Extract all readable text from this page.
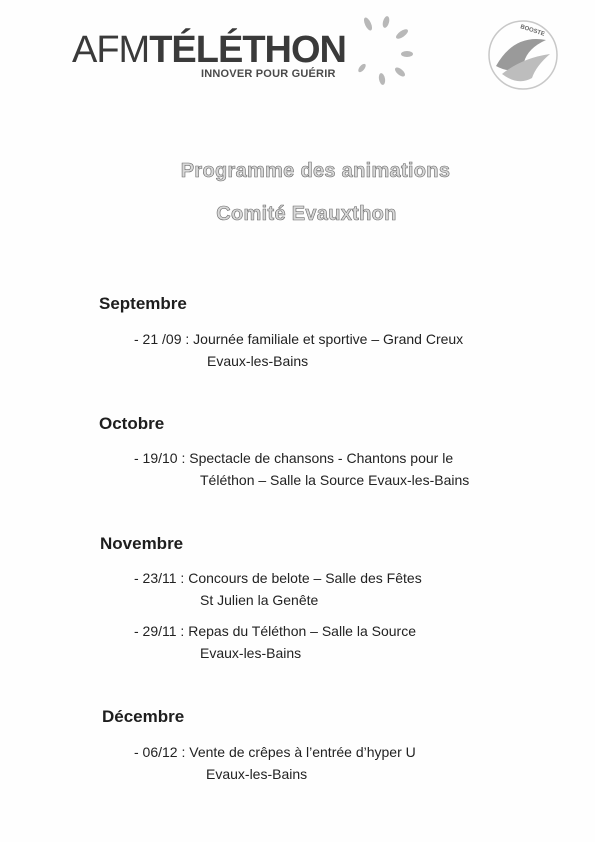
AFMTÉLÉTHON
INNOVER POUR GUÉRIR
BOOSTE
Programme des animations
Comité Evauxthon
Septembre
- 21 /09 : Journée familiale et sportive – Grand Creux
Evaux-les-Bains
Octobre
- 19/10 : Spectacle de chansons - Chantons pour le
Téléthon – Salle la Source Evaux-les-Bains
Novembre
- 23/11 : Concours de belote – Salle des Fêtes
St Julien la Genête
- 29/11 : Repas du Téléthon – Salle la Source
Evaux-les-Bains
Décembre
- 06/12 : Vente de crêpes à l’entrée d’hyper U
Evaux-les-Bains
